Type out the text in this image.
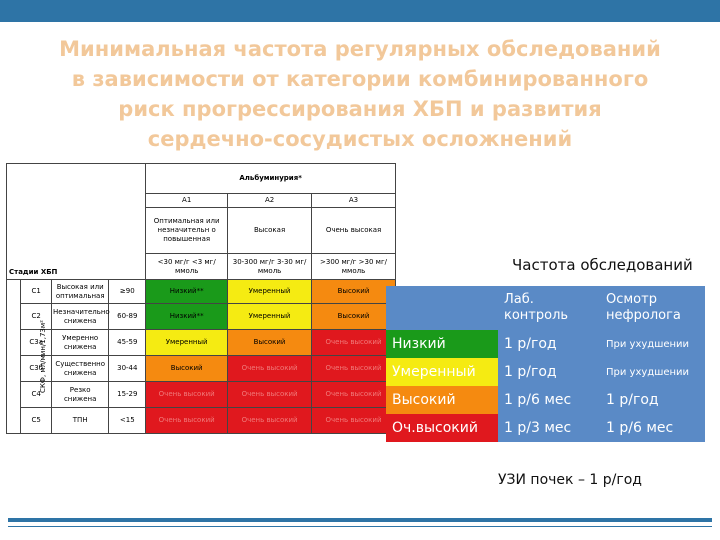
Минимальная частота регулярных обследований
в зависимости от категории комбинированного
риск прогрессирования ХБП и развития
сердечно-сосудистых осложнений
Стадии ХБП				Альбуминурия*		
				А1	А2	А3
				Оптимальная или незначительн о повышенная	Высокая	Очень высокая
				<30 мг/г <3 мг/ммоль	30-300 мг/г 3-30 мг/ммоль	>300 мг/г >30 мг/ммоль
СКФ, мл/мин/1,73м²	С1	Высокая или оптимальная	≥90	Низкий**	Умеренный	Высокий
	С2	Незначительно снижена	60-89	Низкий**	Умеренный	Высокий
	С3а	Умеренно снижена	45-59	Умеренный	Высокий	Очень высокий
	С3б	Существенно снижена	30-44	Высокий	Очень высокий	Очень высокий
	С4	Резко снижена	15-29	Очень высокий	Очень высокий	Очень высокий
	С5	ТПН	<15	Очень высокий	Очень высокий	Очень высокий
Частота обследований
	Лаб. контроль	Осмотр нефролога
Низкий	1 р/год	При ухудшении
Умеренный	1 р/год	При ухудшении
Высокий	1 р/6 мес	1 р/год
Оч.высокий	1 р/3 мес	1 р/6 мес
УЗИ почек – 1 р/год
